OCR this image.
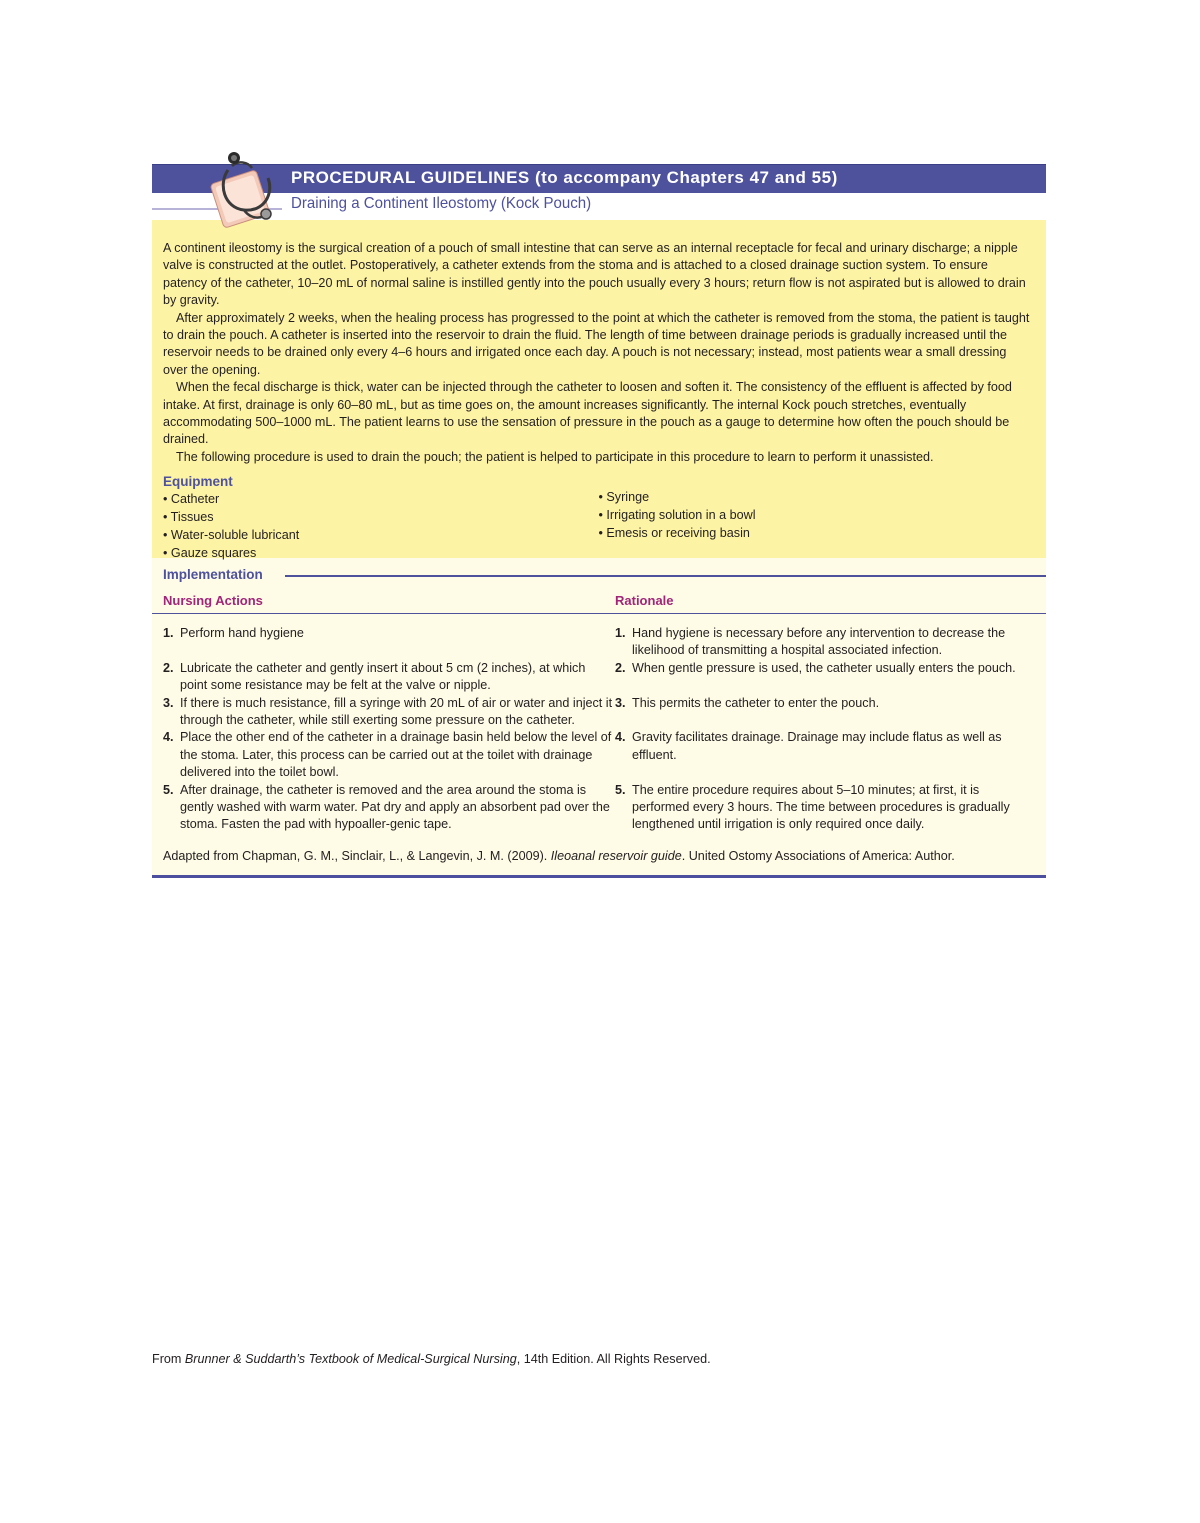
PROCEDURAL GUIDELINES (to accompany Chapters 47 and 55)
Draining a Continent Ileostomy (Kock Pouch)

A continent ileostomy is the surgical creation of a pouch of small intestine that can serve as an internal receptacle for fecal and urinary discharge; a nipple valve is constructed at the outlet. Postoperatively, a catheter extends from the stoma and is attached to a closed drainage suction system. To ensure patency of the catheter, 10–20 mL of normal saline is instilled gently into the pouch usually every 3 hours; return flow is not aspirated but is allowed to drain by gravity.

After approximately 2 weeks, when the healing process has progressed to the point at which the catheter is removed from the stoma, the patient is taught to drain the pouch. A catheter is inserted into the reservoir to drain the fluid. The length of time between drainage periods is gradually increased until the reservoir needs to be drained only every 4–6 hours and irrigated once each day. A pouch is not necessary; instead, most patients wear a small dressing over the opening.

When the fecal discharge is thick, water can be injected through the catheter to loosen and soften it. The consistency of the effluent is affected by food intake. At first, drainage is only 60–80 mL, but as time goes on, the amount increases significantly. The internal Kock pouch stretches, eventually accommodating 500–1000 mL. The patient learns to use the sensation of pressure in the pouch as a gauge to determine how often the pouch should be drained.

The following procedure is used to drain the pouch; the patient is helped to participate in this procedure to learn to perform it unassisted.

Equipment
• Catheter
• Tissues
• Water-soluble lubricant
• Gauze squares
• Syringe
• Irrigating solution in a bowl
• Emesis or receiving basin
Implementation
Nursing Actions	Rationale
1. Perform hand hygiene	1. Hand hygiene is necessary before any intervention to decrease the likelihood of transmitting a hospital associated infection.
2. Lubricate the catheter and gently insert it about 5 cm (2 inches), at which point some resistance may be felt at the valve or nipple.
2. When gentle pressure is used, the catheter usually enters the pouch.
3. If there is much resistance, fill a syringe with 20 mL of air or water and inject it through the catheter, while still exerting some pressure on the catheter.
3. This permits the catheter to enter the pouch.
4. Place the other end of the catheter in a drainage basin held below the level of the stoma. Later, this process can be carried out at the toilet with drainage delivered into the toilet bowl.
4. Gravity facilitates drainage. Drainage may include flatus as well as effluent.
5. After drainage, the catheter is removed and the area around the stoma is gently washed with warm water. Pat dry and apply an absorbent pad over the stoma. Fasten the pad with hypoaller-genic tape.
5. The entire procedure requires about 5–10 minutes; at first, it is performed every 3 hours. The time between procedures is gradually lengthened until irrigation is only required once daily.
Adapted from Chapman, G. M., Sinclair, L., & Langevin, J. M. (2009). Ileoanal reservoir guide. United Ostomy Associations of America: Author.
From Brunner & Suddarth’s Textbook of Medical-Surgical Nursing, 14th Edition. All Rights Reserved.
